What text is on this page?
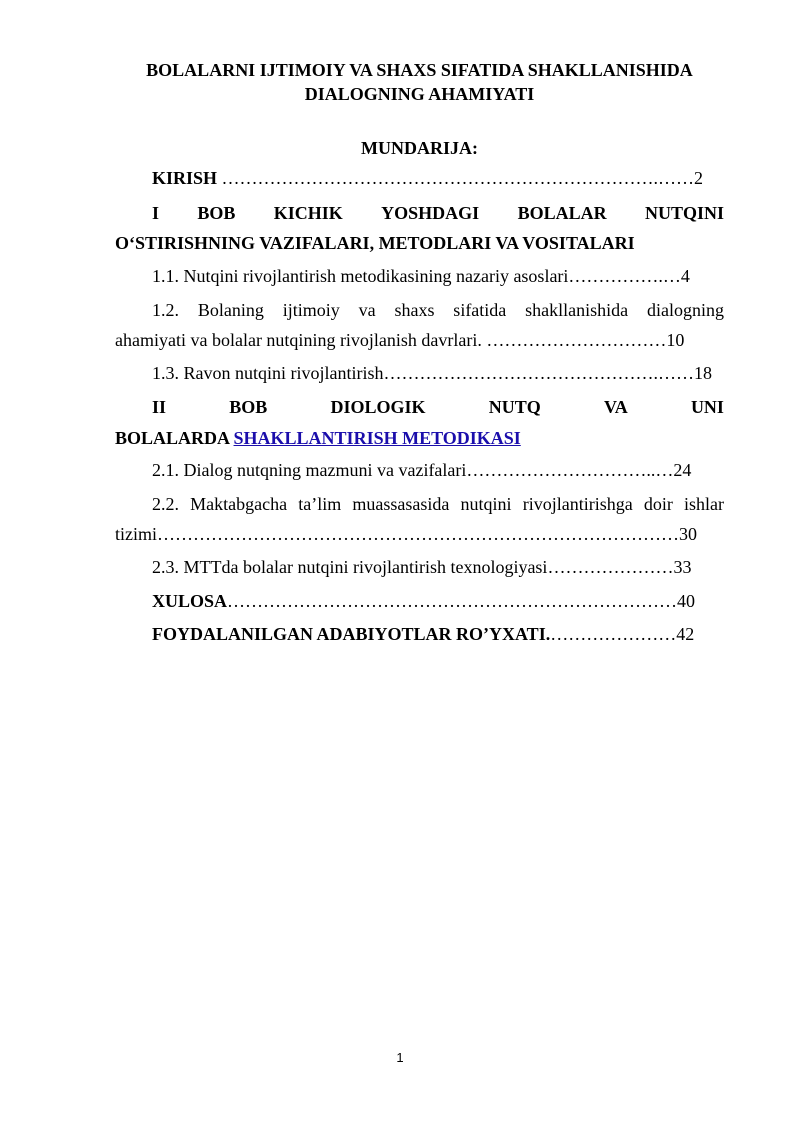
BOLALARNI IJTIMOIY VA SHAXS SIFATIDA SHAKLLANISHIDA
DIALOGNING AHAMIYATI
MUNDARIJA:
KIRISH ……………………………………………………………….……2
I BOB KICHIK YOSHDAGI BOLALAR NUTQINI
O‘STIRISHNING VAZIFALARI, METODLARI VA VOSITALARI
1.1. Nutqini rivojlantirish metodikasining nazariy asoslari…………….…4
1.2. Bolaning ijtimoiy va shaxs sifatida shakllanishida dialogning
ahamiyati va bolalar nutqining rivojlanish davrlari. …………………………10
1.3. Ravon nutqini rivojlantirish……………………………………….……18
II	BOB	DIOLOGIK	NUTQ	VA	UNI
BOLALARDA SHAKLLANTIRISH METODIKASI
2.1. Dialog nutqning mazmuni va vazifalari…………………………..…24
2.2. Maktabgacha ta’lim muassasasida nutqini rivojlantirishga doir ishlar
tizimi……………………………………………………………………………30
2.3. MTTda bolalar nutqini rivojlantirish texnologiyasi…………………33
XULOSA…………………………………………………………………40
FOYDALANILGAN ADABIYOTLAR RO’YXATI.…………………42
1
